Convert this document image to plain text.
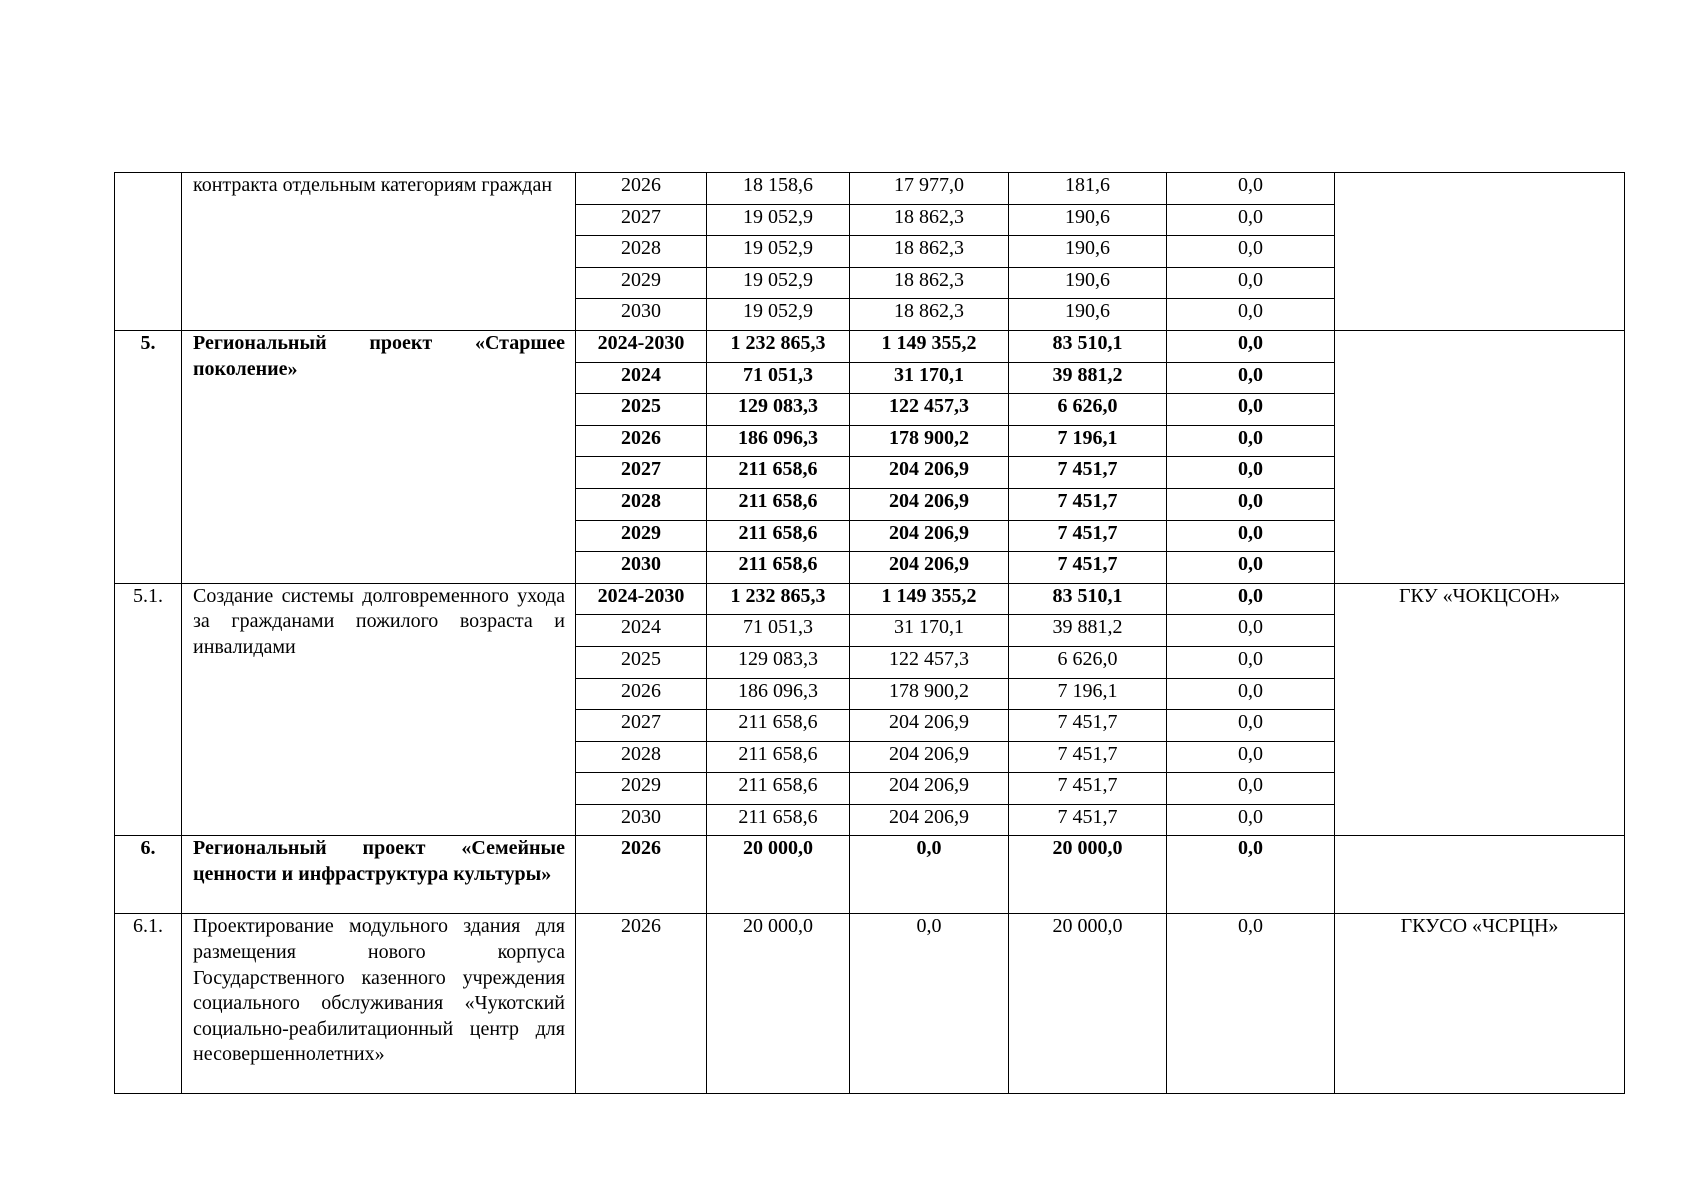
	контракта отдельным категориям граждан	2026	18 158,6	17 977,0	181,6	0,0	
		2027	19 052,9	18 862,3	190,6	0,0	
		2028	19 052,9	18 862,3	190,6	0,0	
		2029	19 052,9	18 862,3	190,6	0,0	
		2030	19 052,9	18 862,3	190,6	0,0	
5.	Региональный проект «Старшее поколение»	2024-2030	1 232 865,3	1 149 355,2	83 510,1	0,0	
		2024	71 051,3	31 170,1	39 881,2	0,0	
		2025	129 083,3	122 457,3	6 626,0	0,0	
		2026	186 096,3	178 900,2	7 196,1	0,0	
		2027	211 658,6	204 206,9	7 451,7	0,0	
		2028	211 658,6	204 206,9	7 451,7	0,0	
		2029	211 658,6	204 206,9	7 451,7	0,0	
		2030	211 658,6	204 206,9	7 451,7	0,0	
5.1.	Создание системы долговременного ухода за гражданами пожилого возраста и инвалидами	2024-2030	1 232 865,3	1 149 355,2	83 510,1	0,0	ГКУ «ЧОКЦСОН»
		2024	71 051,3	31 170,1	39 881,2	0,0	
		2025	129 083,3	122 457,3	6 626,0	0,0	
		2026	186 096,3	178 900,2	7 196,1	0,0	
		2027	211 658,6	204 206,9	7 451,7	0,0	
		2028	211 658,6	204 206,9	7 451,7	0,0	
		2029	211 658,6	204 206,9	7 451,7	0,0	
		2030	211 658,6	204 206,9	7 451,7	0,0	
6.	Региональный проект «Семейные ценности и инфраструктура культуры»	2026	20 000,0	0,0	20 000,0	0,0	
6.1.	Проектирование модульного здания для размещения нового корпуса Государственного казенного учреждения социального обслуживания «Чукотский социально-реабилитационный центр для несовершеннолетних»	2026	20 000,0	0,0	20 000,0	0,0	ГКУСО «ЧСРЦН»
